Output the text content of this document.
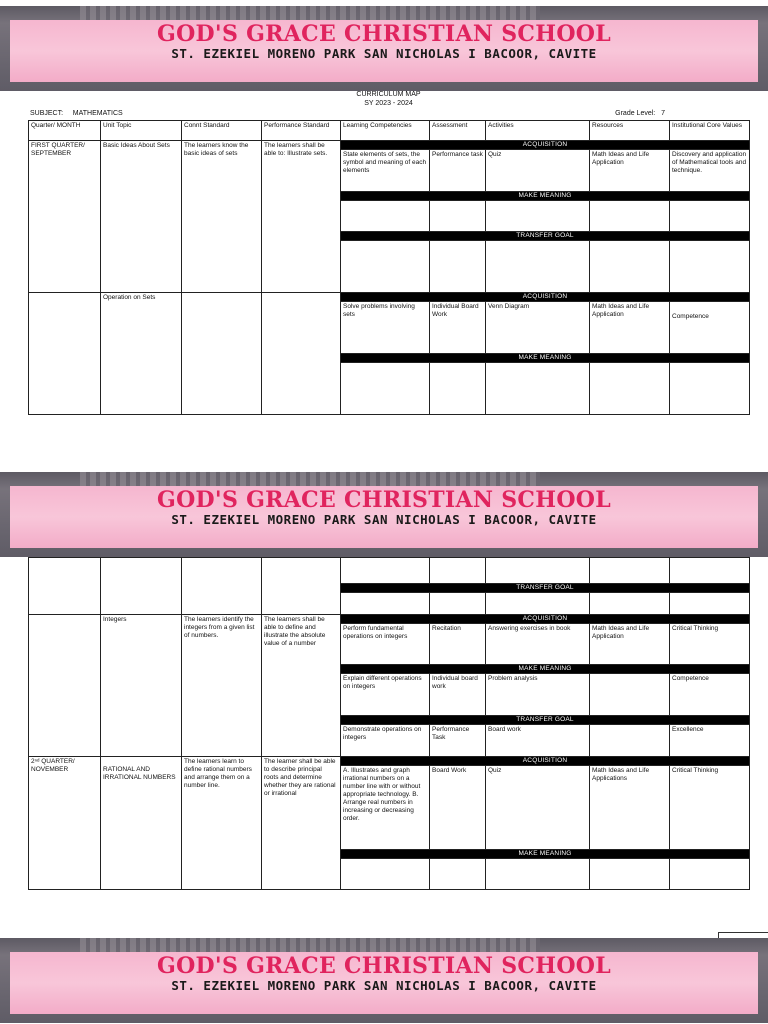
GOD'S GRACE CHRISTIAN SCHOOL
ST. EZEKIEL MORENO PARK SAN NICHOLAS I BACOOR, CAVITE
CURRICULUM MAP
SY 2023 - 2024
SUBJECT: MATHEMATICS	Grade Level: 7
Quarter/ MONTH	Unit Topic	Connt Standard	Performance Standard	Learning Competencies	Assessment	Activities	Resources	Institutional Core Values
FIRST QUARTER/ SEPTEMBER	Basic Ideas About Sets	The learners know the basic ideas of sets	The learners shall be able to: Illustrate sets.	ACQUISITION				
				State elements of sets, the symbol and meaning of each elements	Performance task	Quiz	Math Ideas and Life Application	Discovery and application of Mathematical tools and technique.
				MAKE MEANING				

				TRANSFER GOAL				

	Operation on Sets			ACQUISITION				
				Solve problems involving sets	Individual Board Work	Venn Diagram	Math Ideas and Life Application	Competence
				MAKE MEANING				

GOD'S GRACE CHRISTIAN SCHOOL
ST. EZEKIEL MORENO PARK SAN NICHOLAS I BACOOR, CAVITE

				TRANSFER GOAL				

	Integers	The learners identify the integers from a given list of numbers.	The learners shall be able to define and illustrate the absolute value of a number	ACQUISITION				
				Perform fundamental operations on integers	Recitation	Answering exercises in book	Math Ideas and Life Application	Critical Thinking
				MAKE MEANING				
				Explain different operations on integers	Individual board work	Problem analysis		Competence
				TRANSFER GOAL				
				Demonstrate operations on integers	Performance Task	Board work		Excellence
2ⁿᵈ QUARTER/ NOVEMBER	RATIONAL AND IRRATIONAL NUMBERS	The learners learn to define rational numbers and arrange them on a number line.	The learner shall be able to describe principal roots and determine whether they are rational or irrational	ACQUISITION				
				A. Illustrates and graph irrational numbers on a number line with or without appropriate technology. B. Arrange real numbers in increasing or decreasing order.	Board Work	Quiz	Math Ideas and Life Applications	Critical Thinking
				MAKE MEANING				

GOD'S GRACE CHRISTIAN SCHOOL
ST. EZEKIEL MORENO PARK SAN NICHOLAS I BACOOR, CAVITE
